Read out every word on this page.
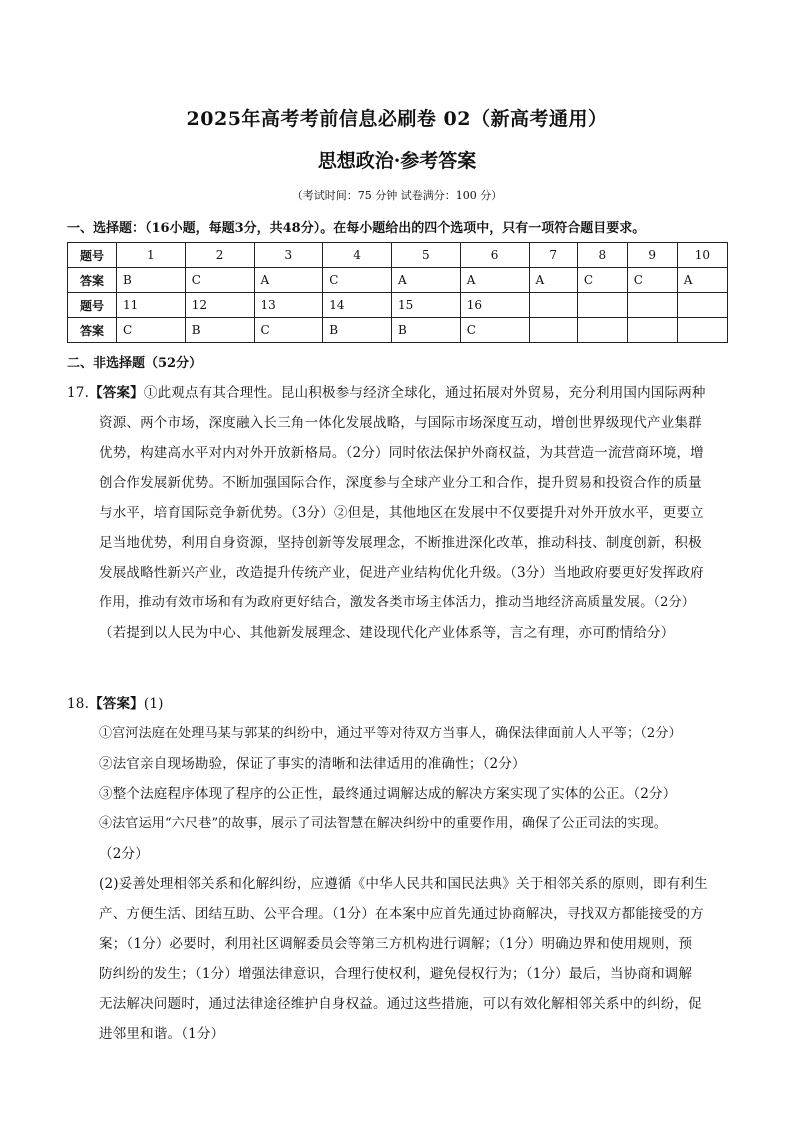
2025年高考考前信息必刷卷 02（新高考通用）
思想政治·参考答案
（考试时间：75 分钟 试卷满分：100 分）
一、选择题：（16小题，每题3分，共48分）。在每小题给出的四个选项中，只有一项符合题目要求。
题号	1	2	3	4	5	6	7	8	9	10
答案	B	C	A	C	A	A	A	C	C	A
题号	11	12	13	14	15	16				
答案	C	B	C	B	B	C				
二、非选择题（52分）
17.【答案】①此观点有其合理性。昆山积极参与经济全球化，通过拓展对外贸易，充分利用国内国际两种
资源、两个市场，深度融入长三角一体化发展战略，与国际市场深度互动，增创世界级现代产业集群
优势，构建高水平对内对外开放新格局。（2分）同时依法保护外商权益，为其营造一流营商环境，增
创合作发展新优势。不断加强国际合作，深度参与全球产业分工和合作，提升贸易和投资合作的质量
与水平，培育国际竞争新优势。（3分）②但是，其他地区在发展中不仅要提升对外开放水平，更要立
足当地优势，利用自身资源，坚持创新等发展理念，不断推进深化改革，推动科技、制度创新，积极
发展战略性新兴产业，改造提升传统产业，促进产业结构优化升级。（3分）当地政府要更好发挥政府
作用，推动有效市场和有为政府更好结合，激发各类市场主体活力，推动当地经济高质量发展。（2分）
（若提到以人民为中心、其他新发展理念、建设现代化产业体系等，言之有理，亦可酌情给分）
18.【答案】(1)
①宫河法庭在处理马某与郭某的纠纷中，通过平等对待双方当事人，确保法律面前人人平等；（2分）
②法官亲自现场勘验，保证了事实的清晰和法律适用的准确性；（2分）
③整个法庭程序体现了程序的公正性，最终通过调解达成的解决方案实现了实体的公正。（2分）
④法官运用“六尺巷”的故事，展示了司法智慧在解决纠纷中的重要作用，确保了公正司法的实现。
（2分）
(2)妥善处理相邻关系和化解纠纷，应遵循《中华人民共和国民法典》关于相邻关系的原则，即有利生
产、方便生活、团结互助、公平合理。（1分）在本案中应首先通过协商解决，寻找双方都能接受的方
案；（1分）必要时，利用社区调解委员会等第三方机构进行调解；（1分）明确边界和使用规则，预
防纠纷的发生；（1分）增强法律意识，合理行使权利，避免侵权行为；（1分）最后，当协商和调解
无法解决问题时，通过法律途径维护自身权益。通过这些措施，可以有效化解相邻关系中的纠纷，促
进邻里和谐。（1分）
